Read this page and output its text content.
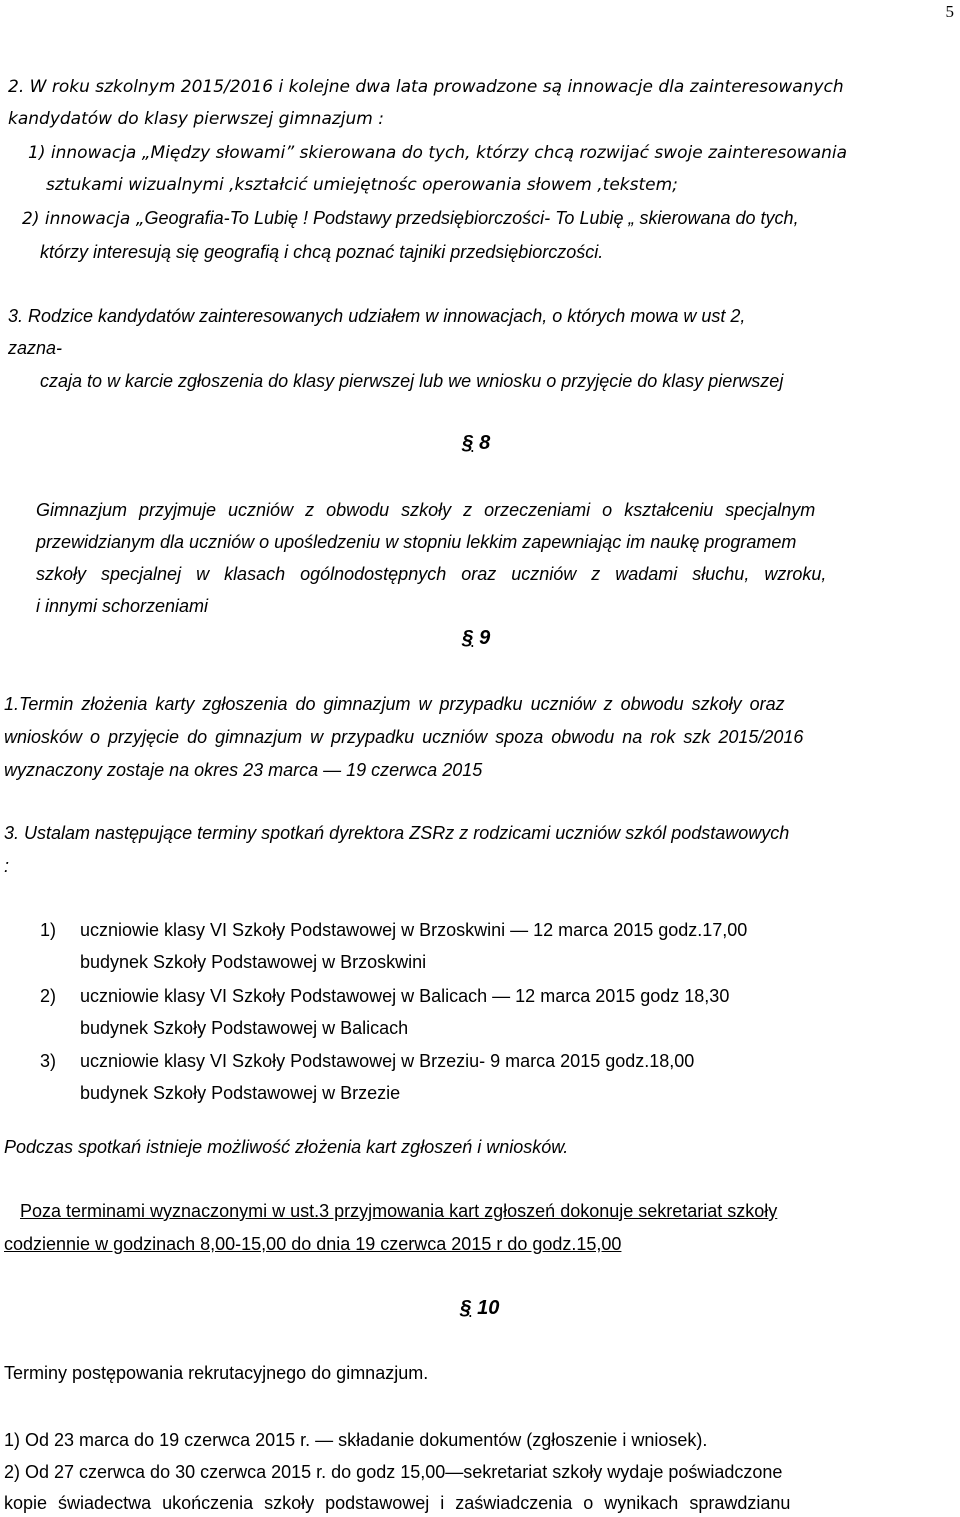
5
2. W roku szkolnym 2015/2016 i kolejne dwa lata prowadzone są innowacje dla zainteresowanych
kandydatów do klasy pierwszej gimnazjum :
1) innowacja „Między słowami” skierowana do tych, którzy chcą rozwijać swoje zainteresowania
sztukami wizualnymi ,kształcić umiejętnośc operowania słowem ,tekstem;
2) innowacja „Geografia-To Lubię ! Podstawy przedsiębiorczości- To Lubię „ skierowana do tych,
którzy interesują się geografią i chcą poznać tajniki przedsiębiorczości.
3. Rodzice kandydatów zainteresowanych udziałem w innowacjach, o których mowa w ust 2,
zazna-
czaja to w karcie zgłoszenia do klasy pierwszej lub we wniosku o przyjęcie do klasy pierwszej
§ 8
Gimnazjum przyjmuje uczniów z obwodu szkoły z orzeczeniami o kształceniu specjalnym
przewidzianym dla uczniów o upośledzeniu w stopniu lekkim zapewniając im naukę programem
szkoły specjalnej w klasach ogólnodostępnych oraz uczniów z wadami słuchu, wzroku,
i innymi schorzeniami
§ 9
1.Termin złożenia karty zgłoszenia do gimnazjum w przypadku uczniów z obwodu szkoły oraz
wniosków o przyjęcie do gimnazjum w przypadku uczniów spoza obwodu na rok szk 2015/2016
wyznaczony zostaje na okres 23 marca — 19 czerwca 2015
3. Ustalam następujące terminy spotkań dyrektora ZSRz z rodzicami uczniów szkól podstawowych
:
1) uczniowie klasy VI Szkoły Podstawowej w Brzoskwini — 12 marca 2015 godz.17,00
budynek Szkoły Podstawowej w Brzoskwini
2) uczniowie klasy VI Szkoły Podstawowej w Balicach — 12 marca 2015 godz 18,30
budynek Szkoły Podstawowej w Balicach
3) uczniowie klasy VI Szkoły Podstawowej w Brzeziu- 9 marca 2015 godz.18,00
budynek Szkoły Podstawowej w Brzezie
Podczas spotkań istnieje możliwość złożenia kart zgłoszeń i wniosków.
Poza terminami wyznaczonymi w ust.3 przyjmowania kart zgłoszeń dokonuje sekretariat szkoły
codziennie w godzinach 8,00-15,00 do dnia 19 czerwca 2015 r do godz.15,00
§ 10
Terminy postępowania rekrutacyjnego do gimnazjum.
1) Od 23 marca do 19 czerwca 2015 r. — składanie dokumentów (zgłoszenie i wniosek).
2) Od 27 czerwca do 30 czerwca 2015 r. do godz 15,00—sekretariat szkoły wydaje poświadczone
kopie świadectwa ukończenia szkoły podstawowej i zaświadczenia o wynikach sprawdzianu
